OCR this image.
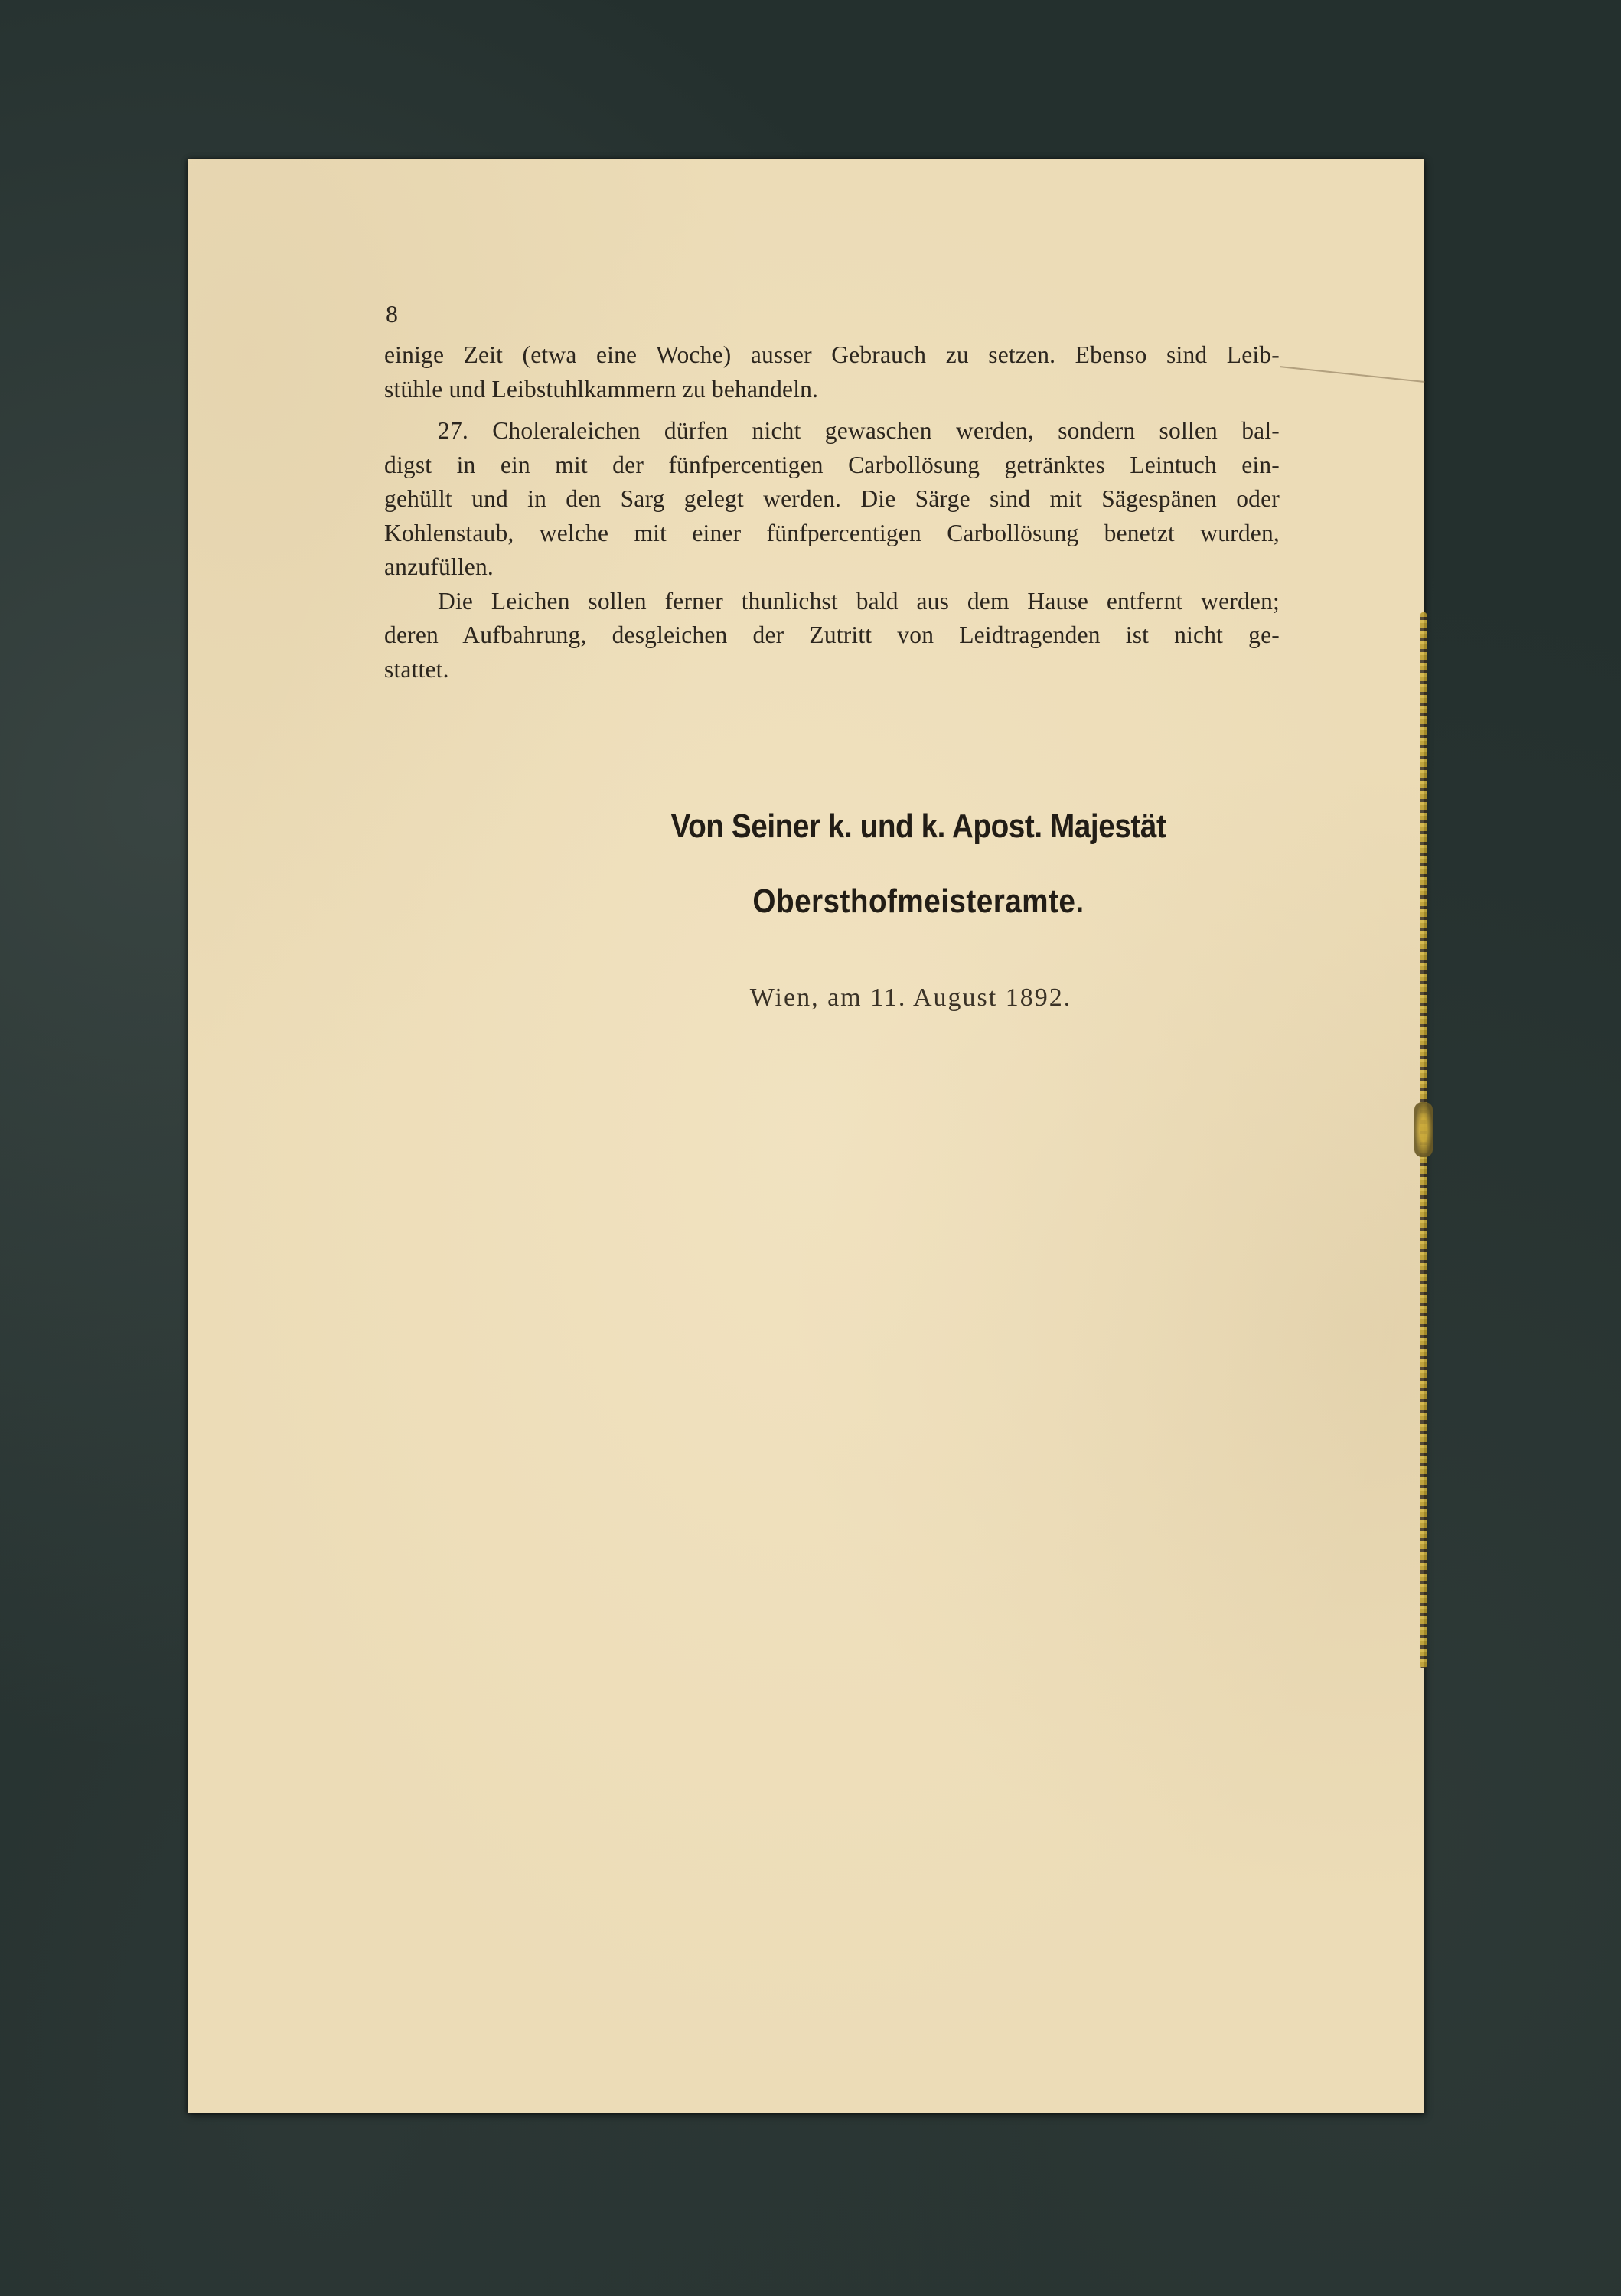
8
einige Zeit (etwa eine Woche) ausser Gebrauch zu setzen. Ebenso sind Leib-
stühle und Leibstuhlkammern zu behandeln.
27. Choleraleichen dürfen nicht gewaschen werden, sondern sollen bal-
digst in ein mit der fünfpercentigen Carbollösung getränktes Leintuch ein-
gehüllt und in den Sarg gelegt werden. Die Särge sind mit Sägespänen oder
Kohlenstaub, welche mit einer fünfpercentigen Carbollösung benetzt wurden,
anzufüllen.
Die Leichen sollen ferner thunlichst bald aus dem Hause entfernt werden;
deren Aufbahrung, desgleichen der Zutritt von Leidtragenden ist nicht ge-
stattet.
Von Seiner k. und k. Apost. Majestät
Obersthofmeisteramte.
Wien, am 11. August 1892.
